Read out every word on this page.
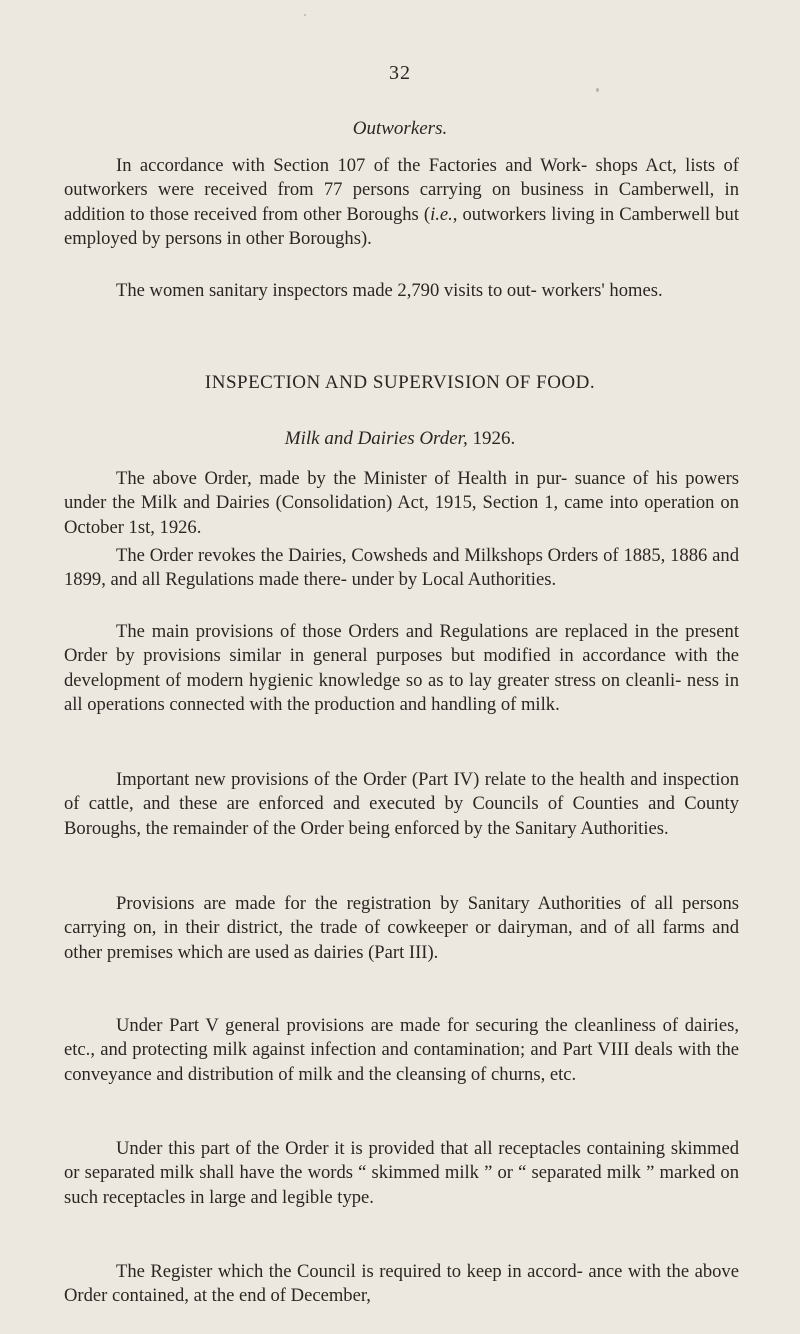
32
Outworkers.

In accordance with Section 107 of the Factories and Work- shops Act, lists of outworkers were received from 77 persons carrying on business in Camberwell, in addition to those received from other Boroughs (i.e., outworkers living in Camberwell but employed by persons in other Boroughs).

The women sanitary inspectors made 2,790 visits to out- workers' homes.

INSPECTION AND SUPERVISION OF FOOD.
Milk and Dairies Order, 1926.

The above Order, made by the Minister of Health in pur- suance of his powers under the Milk and Dairies (Consolidation) Act, 1915, Section 1, came into operation on October 1st, 1926.

The Order revokes the Dairies, Cowsheds and Milkshops Orders of 1885, 1886 and 1899, and all Regulations made there- under by Local Authorities.

The main provisions of those Orders and Regulations are replaced in the present Order by provisions similar in general purposes but modified in accordance with the development of modern hygienic knowledge so as to lay greater stress on cleanli- ness in all operations connected with the production and handling of milk.

Important new provisions of the Order (Part IV) relate to the health and inspection of cattle, and these are enforced and executed by Councils of Counties and County Boroughs, the remainder of the Order being enforced by the Sanitary Authorities.

Provisions are made for the registration by Sanitary Authorities of all persons carrying on, in their district, the trade of cowkeeper or dairyman, and of all farms and other premises which are used as dairies (Part III).

Under Part V general provisions are made for securing the cleanliness of dairies, etc., and protecting milk against infection and contamination; and Part VIII deals with the conveyance and distribution of milk and the cleansing of churns, etc.

Under this part of the Order it is provided that all receptacles containing skimmed or separated milk shall have the words “ skimmed milk ” or “ separated milk ” marked on such receptacles in large and legible type.

The Register which the Council is required to keep in accord- ance with the above Order contained, at the end of December,
